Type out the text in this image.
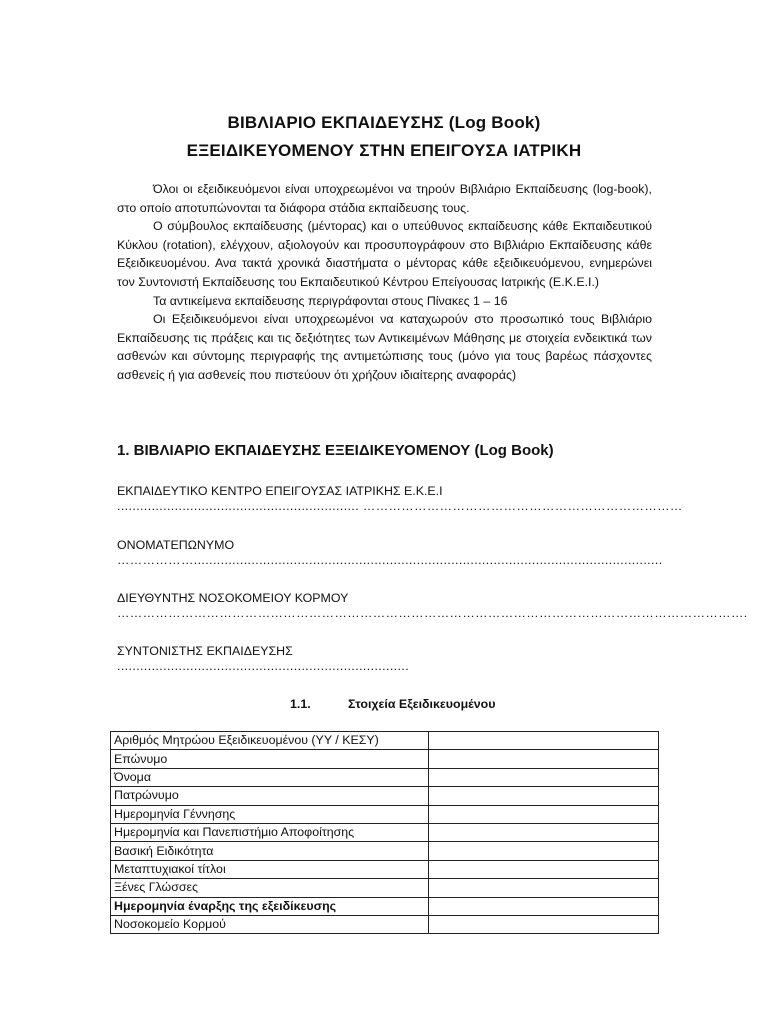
ΒΙΒΛΙΑΡΙΟ ΕΚΠΑΙΔΕΥΣΗΣ (Log Book)
ΕΞΕΙΔΙΚΕΥΟΜΕΝΟΥ ΣΤΗΝ ΕΠΕΙΓΟΥΣΑ ΙΑΤΡΙΚΗ

Όλοι οι εξειδικευόμενοι είναι υποχρεωμένοι να τηρούν Βιβλιάριο Εκπαίδευσης (log-book), στο οποίο αποτυπώνονται τα διάφορα στάδια εκπαίδευσης τους.

Ο σύμβουλος εκπαίδευσης (μέντορας) και ο υπεύθυνος εκπαίδευσης κάθε Εκπαιδευτικού Κύκλου (rotation), ελέγχουν, αξιολογούν και προσυπογράφουν στο Βιβλιάριο Εκπαίδευσης κάθε Εξειδικευομένου. Ανα τακτά χρονικά διαστήματα ο μέντορας κάθε εξειδικευόμενου, ενημερώνει τον Συντονιστή Εκπαίδευσης του Εκπαιδευτικού Κέντρου Επείγουσας Ιατρικής (Ε.Κ.Ε.Ι.)

Τα αντικείμενα εκπαίδευσης περιγράφονται στους Πίνακες 1 – 16

Οι Εξειδικευόμενοι είναι υποχρεωμένοι να καταχωρούν στο προσωπικό τους Βιβλιάριο Εκπαίδευσης τις πράξεις και τις δεξιότητες των Αντικειμένων Μάθησης με στοιχεία ενδεικτικά των ασθενών και σύντομης περιγραφής της αντιμετώπισης τους (μόνο για τους βαρέως πάσχοντες ασθενείς ή για ασθενείς που πιστεύουν ότι χρήζουν ιδιαίτερης αναφοράς)

1. ΒΙΒΛΙΑΡΙΟ ΕΚΠΑΙΔΕΥΣΗΣ ΕΞΕΙΔΙΚΕΥΟΜΕΝΟΥ (Log Book)
ΕΚΠΑΙΔΕΥΤΙΚΟ ΚΕΝΤΡΟ ΕΠΕΙΓΟΥΣΑΣ ΙΑΤΡΙΚΗΣ Ε.Κ.Ε.Ι
............................................................... …………………………………………………………………
ΟΝΟΜΑΤΕΠΩΝΥΜΟ
………………..........................................................................................................................
ΔΙΕΥΘΥΝΤΗΣ ΝΟΣΟΚΟΜΕΙΟΥ ΚΟΡΜΟΥ
………………………………………………………………………………………………………………………………….
ΣΥΝΤΟΝΙΣΤΗΣ ΕΚΠΑΙΔΕΥΣΗΣ
............................................................................
1.1.	Στοιχεία Εξειδικευομένου
Αριθμός Μητρώου Εξειδικευομένου (ΥΥ / ΚΕΣΥ)	
Επώνυμο	
Όνομα	
Πατρώνυμο	
Ημερομηνία Γέννησης	
Ημερομηνία και Πανεπιστήμιο Αποφοίτησης	
Βασική Ειδικότητα	
Μεταπτυχιακοί τίτλοι	
Ξένες Γλώσσες	
Ημερομηνία έναρξης της εξειδίκευσης	
Νοσοκομείο Κορμού	
